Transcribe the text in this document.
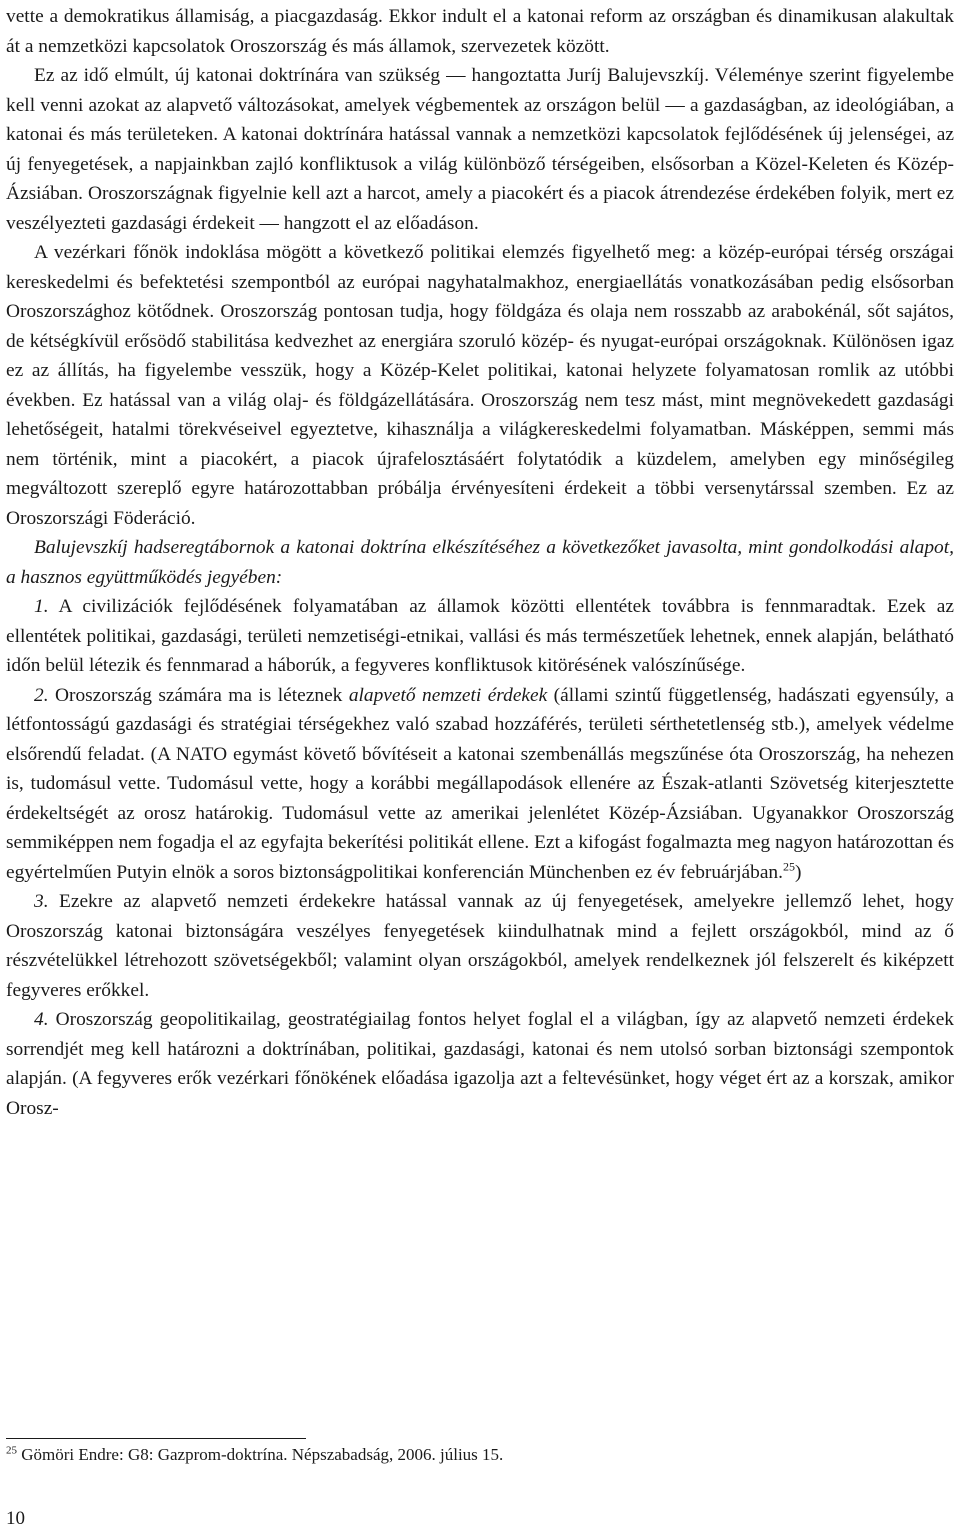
vette a demokratikus államiság, a piacgazdaság. Ekkor indult el a katonai reform az országban és dinamikusan alakultak át a nemzetközi kapcsolatok Oroszország és más államok, szervezetek között.

Ez az idő elmúlt, új katonai doktrínára van szükség — hangoztatta Juríj Balujevszkíj. Véleménye szerint figyelembe kell venni azokat az alapvető változásokat, amelyek végbementek az országon belül — a gazdaságban, az ideológiában, a katonai és más területeken. A katonai doktrínára hatással vannak a nemzetközi kapcsolatok fejlődésének új jelenségei, az új fenyegetések, a napjainkban zajló konfliktusok a világ különböző térségeiben, elsősorban a Közel-Keleten és Közép-Ázsiában. Oroszországnak figyelnie kell azt a harcot, amely a piacokért és a piacok átrendezése érdekében folyik, mert ez veszélyezteti gazdasági érdekeit — hangzott el az előadáson.

A vezérkari főnök indoklása mögött a következő politikai elemzés figyelhető meg: a közép-európai térség országai kereskedelmi és befektetési szempontból az európai nagyhatalmakhoz, energiaellátás vonatkozásában pedig elsősorban Oroszországhoz kötődnek. Oroszország pontosan tudja, hogy földgáza és olaja nem rosszabb az arabokénál, sőt sajátos, de kétségkívül erősödő stabilitása kedvezhet az energiára szoruló közép- és nyugat-európai országoknak. Különösen igaz ez az állítás, ha figyelembe vesszük, hogy a Közép-Kelet politikai, katonai helyzete folyamatosan romlik az utóbbi években. Ez hatással van a világ olaj- és földgázellátására. Oroszország nem tesz mást, mint megnövekedett gazdasági lehetőségeit, hatalmi törekvéseivel egyeztetve, kihasználja a világkereskedelmi folyamatban. Másképpen, semmi más nem történik, mint a piacokért, a piacok újrafelosztásáért folytatódik a küzdelem, amelyben egy minőségileg megváltozott szereplő egyre határozottabban próbálja érvényesíteni érdekeit a többi versenytárssal szemben. Ez az Oroszországi Föderáció.

Balujevszkíj hadseregtábornok a katonai doktrína elkészítéséhez a következőket javasolta, mint gondolkodási alapot, a hasznos együttműködés jegyében:

1. A civilizációk fejlődésének folyamatában az államok közötti ellentétek továbbra is fennmaradtak. Ezek az ellentétek politikai, gazdasági, területi nemzetiségi-etnikai, vallási és más természetűek lehetnek, ennek alapján, belátható időn belül létezik és fennmarad a háborúk, a fegyveres konfliktusok kitörésének valószínűsége.

2. Oroszország számára ma is léteznek alapvető nemzeti érdekek (állami szintű függetlenség, hadászati egyensúly, a létfontosságú gazdasági és stratégiai térségekhez való szabad hozzáférés, területi sérthetetlenség stb.), amelyek védelme elsőrendű feladat. (A NATO egymást követő bővítéseit a katonai szembenállás megszűnése óta Oroszország, ha nehezen is, tudomásul vette. Tudomásul vette, hogy a korábbi megállapodások ellenére az Észak-atlanti Szövetség kiterjesztette érdekeltségét az orosz határokig. Tudomásul vette az amerikai jelenlétet Közép-Ázsiában. Ugyanakkor Oroszország semmiképpen nem fogadja el az egyfajta bekerítési politikát ellene. Ezt a kifogást fogalmazta meg nagyon határozottan és egyértelműen Putyin elnök a soros biztonságpolitikai konferencián Münchenben ez év februárjában.$^{25}$)

3. Ezekre az alapvető nemzeti érdekekre hatással vannak az új fenyegetések, amelyekre jellemző lehet, hogy Oroszország katonai biztonságára veszélyes fenyegetések kiindulhatnak mind a fejlett országokból, mind az ő részvételükkel létrehozott szövetségekből; valamint olyan országokból, amelyek rendelkeznek jól felszerelt és kiképzett fegyveres erőkkel.

4. Oroszország geopolitikailag, geostratégiailag fontos helyet foglal el a világban, így az alapvető nemzeti érdekek sorrendjét meg kell határozni a doktrínában, politikai, gazdasági, katonai és nem utolsó sorban biztonsági szempontok alapján. (A fegyveres erők vezérkari főnökének előadása igazolja azt a feltevésünket, hogy véget ért az a korszak, amikor Orosz-

$^{25}$ Gömöri Endre: G8: Gazprom-doktrína. Népszabadság, 2006. július 15.
10
